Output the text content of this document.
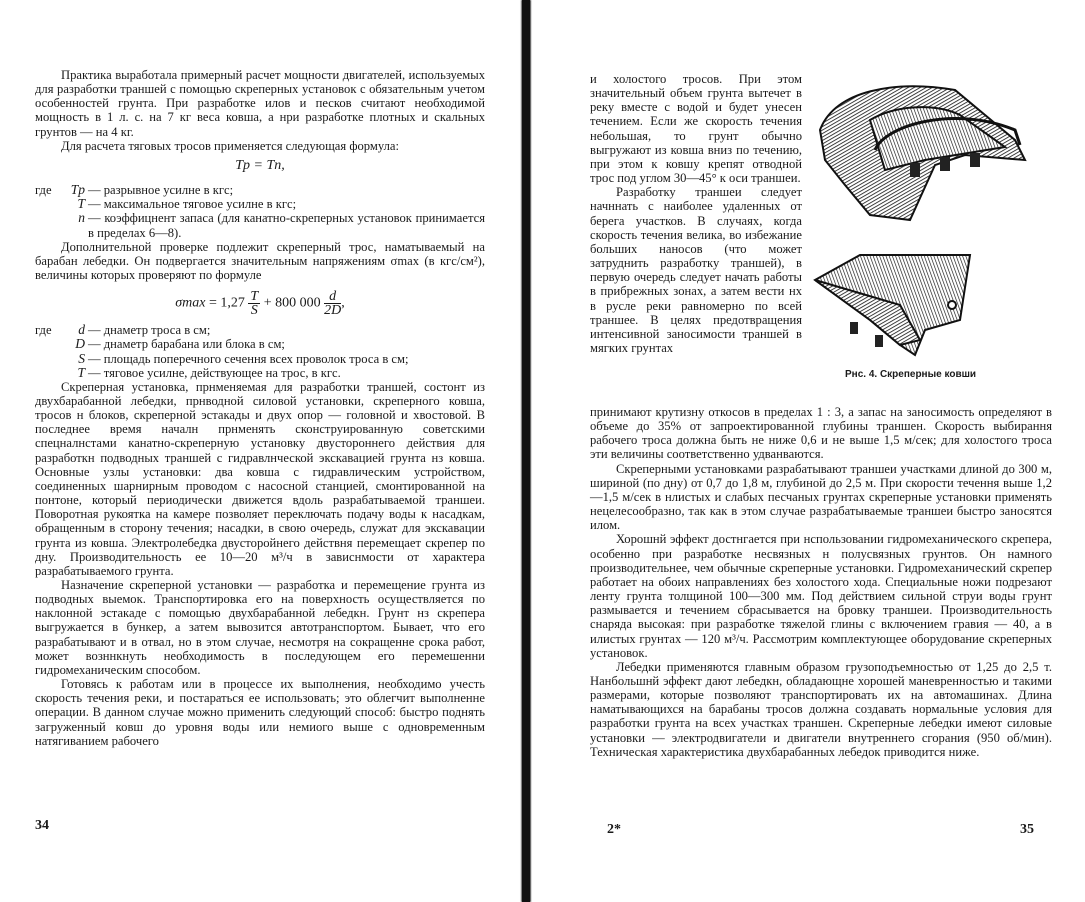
Практика выработала примерный расчет мощности двигателей, используемых для разработки траншей с помощью скреперных установок с обязательным учетом особенностей грунта. При разработке илов и песков считают необходимой мощность в 1 л. с. на 7 кг веса ковша, а нри разработке плотных и скальных грунтов — на 4 кг.

Для расчета тяговых тросов применяется следующая формула:

Tp = Tn,
где	Tp — разрывное усилне в кгс;
T — максимальное тяговое усилне в кгс;
n — коэффицнент запаса (для канатно-скреперных установок принимается в пределах 6—8).

Дополнительной проверке подлежит скреперный трос, наматываемый на барабан лебедки. Он подвергается значительным напряжениям σmax (в кгс/см²), величины которых проверяют по формуле

$\sigma\max = 1,27 \frac{T}{S} + 800$ $000 \frac{d}{2D}$ ,
где	d — днаметр троса в см;
D — днаметр барабана или блока в см;
S — площадь поперечного сечення всех проволок троса в см;
T — тяговое усилне, действующее на трос, в кгс.

Скреперная установка, прнменяемая для разработки траншей, состонт из двухбарабанной лебедки, прнводной силовой установки, скреперного ковша, тросов н блоков, скреперной эстакады и двух опор — головной и хвостовой. В последнее время началн прнменять сконструированную советскими спецналнстами канатно-скреперную установку двустороннего действия для разработкн подводных траншей с гидравлнческой экскавацией грунта нз ковша. Основные узлы установки: два ковша с гидравлическим устройством, соединенных шарнирным проводом с насосной станцией, смонтированной на понтоне, который периодически движется вдоль разрабатываемой траншеи. Поворотная рукоятка на камере позволяет переключать подачу воды к насадкам, обращенным в сторону течения; насадки, в свою очередь, служат для экскавации грунта из ковша. Электролебедка двусторойнего действня перемещает скрепер по дну. Производительность ее 10—20 м³/ч в зависнмости от характера разрабатываемого грунта.

Назначение скреперной установки — разработка и перемещение грунта из подводных выемок. Транспортировка его на поверхность осуществляется по наклонной эстакаде с помощью двухбарабанной лебедкн. Грунт нз скрепера выгружается в бункер, а затем вывозится автотранспортом. Бывает, что его разрабатывают и в отвал, но в этом случае, несмотря на сокращенне срока работ, может возннкнуть необходимость в последующем его перемешенни гидромеханическим способом.

Готовясь к работам или в процессе их выполнения, необходимо учесть скорость течения реки, и постараться ее использовать; это облегчит выполненне операции. В данном случае можно применить следующий способ: быстро поднять загруженный ковш до уровня воды или немиого выше с одновременным натягиванием рабочего

34

и холостого тросов. При этом значительный объем грунта вытечет в реку вместе с водой и будет унесен течением. Если же скорость течения небольшая, то грунт обычно выгружают из ковша вниз по течению, при этом к ковшу крепят отводной трос под углом 30—45° к оси траншеи.

Разработку траншеи следует начннать с наиболее удаленных от берега участков. В случаях, когда скорость течения велика, во избежание больших наносов (что может затруднить разработку траншей), в первую очередь следует начать работы в прибрежных зонах, а затем вести нх в русле реки равномерно по всей траншее. В целях предотвращения интенсивной заносимости траншей в мягких грунтах

Рнс. 4. Скреперные ковши

принимают крутизну откосов в пределах 1 : 3, а запас на заносимость определяют в объеме до 35% от запроектированной глубины траншен. Скорость выбирання рабочего троса должна быть не ниже 0,6 и не выше 1,5 м/сек; для холостого троса эти величины соответственно удванваются.

Скреперными установками разрабатывают траншеи участками длиной до 300 м, шириной (по дну) от 0,7 до 1,8 м, глубиной до 2,5 м. При скорости течення выше 1,2—1,5 м/сек в нлистых и слабых песчаных грунтах скреперные установки применять нецелесообразно, так как в этом случае разрабатываемые траншеи быстро заносятся илом.

Хорошнй эффект достнгается при нспользовании гидромеханического скрепера, особенно при разработке несвязных н полусвязных грунтов. Он намного производительнее, чем обычные скреперные установки. Гидромеханический скрепер работает на обоих направлениях без холостого хода. Специальные ножи подрезают ленту грунта толщиной 100—300 мм. Под действием сильной струи воды грунт размывается и течением сбрасывается на бровку траншеи. Производительность снаряда высокая: при разработке тяжелой глины с включением гравия — 40, а в илистых грунтах — 120 м³/ч. Рассмотрим комплектующее оборудование скреперных установок.

Лебедки применяются главным образом грузоподъемностью от 1,25 до 2,5 т. Нанбольшнй эффект дают лебедкн, обладающне хорошей маневренностью и такими размерами, которые позволяют транспортировать их на автомашинах. Длина наматывающихся на барабаны тросов должна создавать нормальные условия для разработки грунта на всех участках траншен. Скреперные лебедки имеют силовые установки — электродвигатели и двигатели внутреннего сгорания (950 об/мин). Техническая характеристика двухбарабанных лебедок приводится ниже.

2*	35
